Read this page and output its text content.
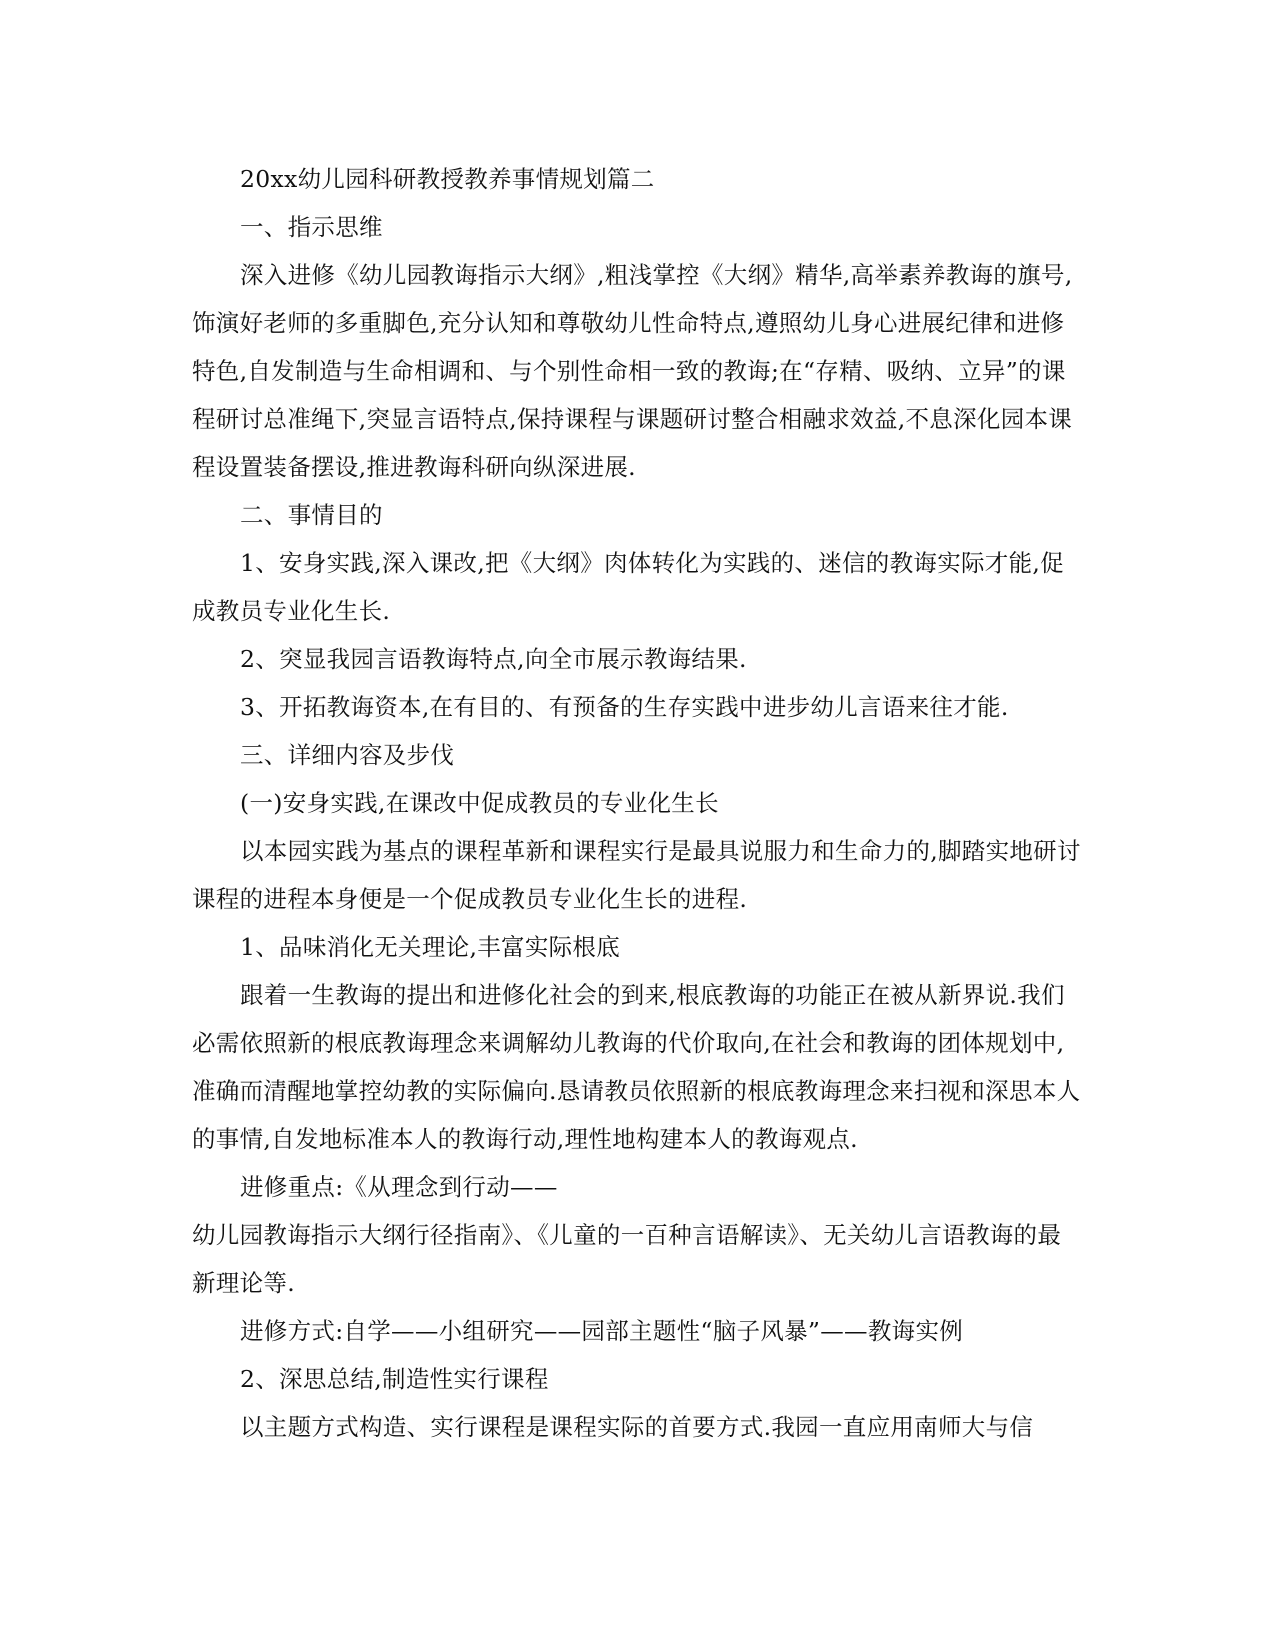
20xx幼儿园科研教授教养事情规划篇二

一、指示思维

深入进修《幼儿园教诲指示大纲》,粗浅掌控《大纲》精华,高举素养教诲的旗号,饰演好老师的多重脚色,充分认知和尊敬幼儿性命特点,遵照幼儿身心进展纪律和进修特色,自发制造与生命相调和、与个别性命相一致的教诲;在“存精、吸纳、立异”的课程研讨总准绳下,突显言语特点,保持课程与课题研讨整合相融求效益,不息深化园本课程设置装备摆设,推进教诲科研向纵深进展.

二、事情目的

1、安身实践,深入课改,把《大纲》肉体转化为实践的、迷信的教诲实际才能,促成教员专业化生长.

2、突显我园言语教诲特点,向全市展示教诲结果.

3、开拓教诲资本,在有目的、有预备的生存实践中进步幼儿言语来往才能.

三、详细内容及步伐

(一)安身实践,在课改中促成教员的专业化生长

以本园实践为基点的课程革新和课程实行是最具说服力和生命力的,脚踏实地研讨课程的进程本身便是一个促成教员专业化生长的进程.

1、品味消化无关理论,丰富实际根底

跟着一生教诲的提出和进修化社会的到来,根底教诲的功能正在被从新界说.我们必需依照新的根底教诲理念来调解幼儿教诲的代价取向,在社会和教诲的团体规划中,准确而清醒地掌控幼教的实际偏向.恳请教员依照新的根底教诲理念来扫视和深思本人的事情,自发地标准本人的教诲行动,理性地构建本人的教诲观点.

进修重点:《从理念到行动——

幼儿园教诲指示大纲行径指南》、《儿童的一百种言语解读》、无关幼儿言语教诲的最新理论等.

进修方式:自学——小组研究——园部主题性“脑子风暴”——教诲实例

2、深思总结,制造性实行课程

以主题方式构造、实行课程是课程实际的首要方式.我园一直应用南师大与信
